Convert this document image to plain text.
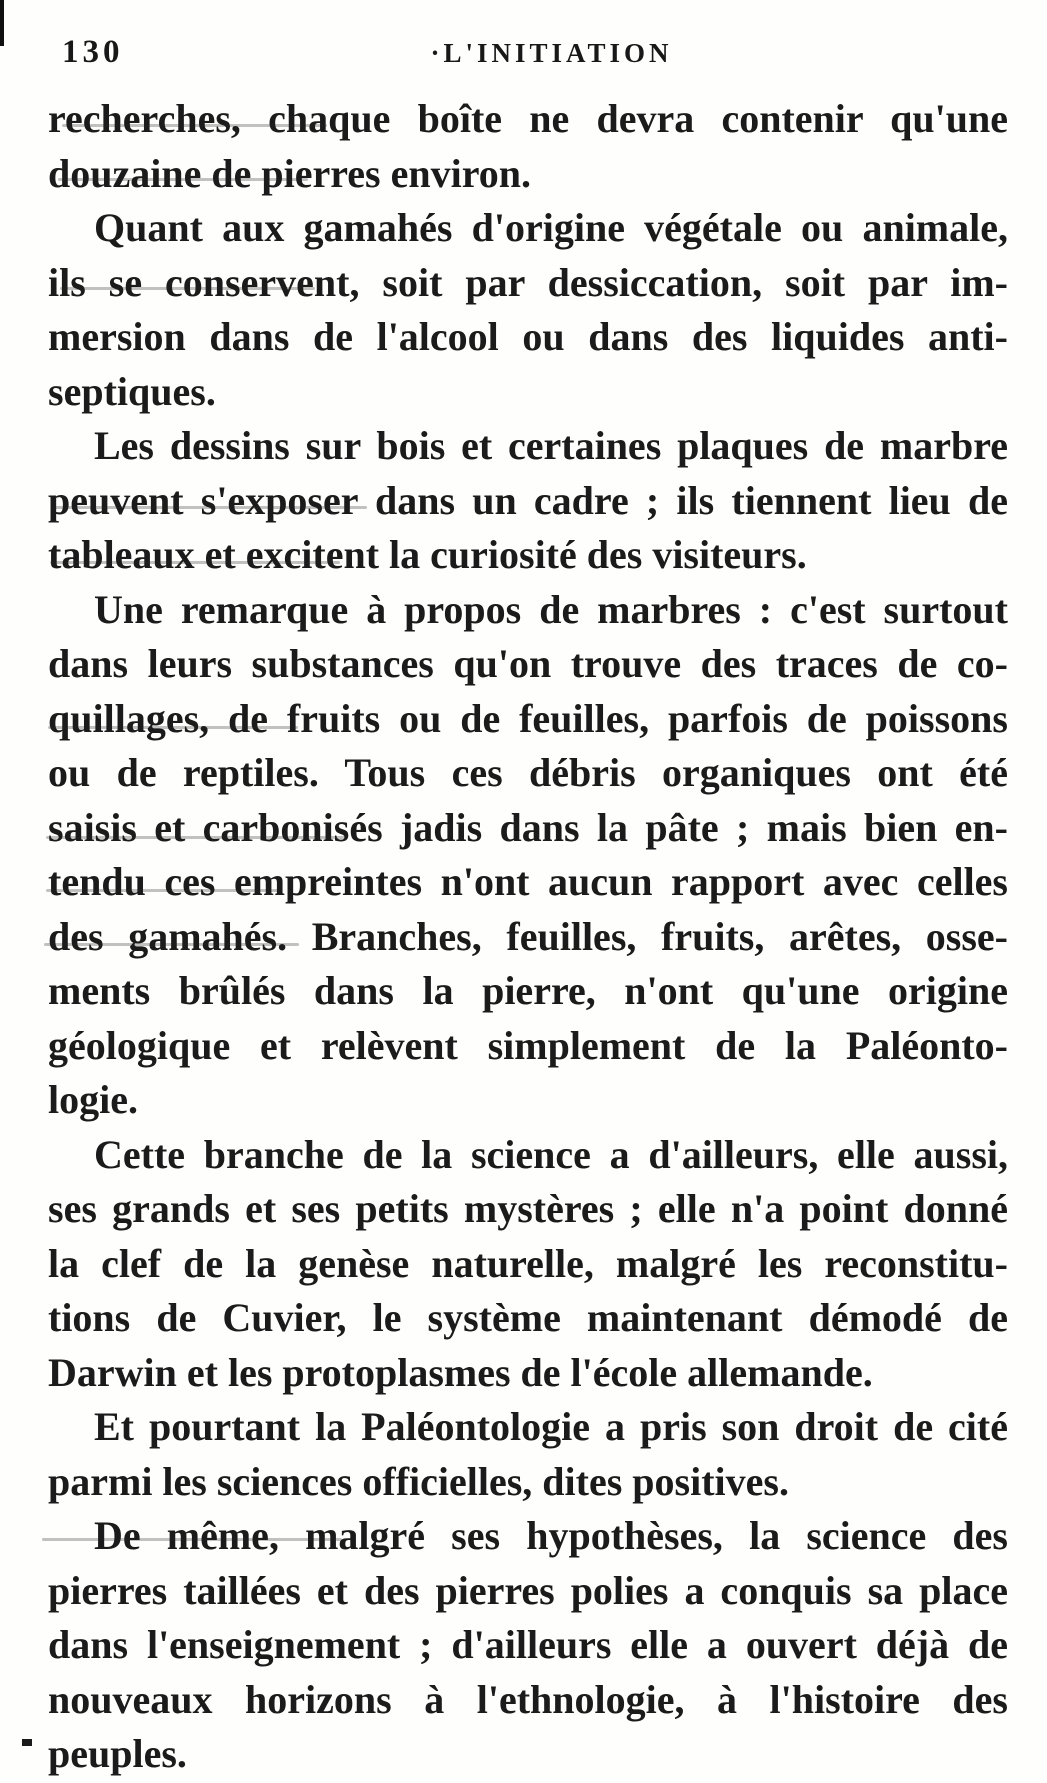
130	·L'INITIATION
recherches, chaque boîte ne devra contenir qu'une
douzaine de pierres environ.
Quant aux gamahés d'origine végétale ou animale,
ils se conservent, soit par dessiccation, soit par im-
mersion dans de l'alcool ou dans des liquides anti-
septiques.
Les dessins sur bois et certaines plaques de marbre
peuvent s'exposer dans un cadre ; ils tiennent lieu de
tableaux et excitent la curiosité des visiteurs.
Une remarque à propos de marbres : c'est surtout
dans leurs substances qu'on trouve des traces de co-
quillages, de fruits ou de feuilles, parfois de poissons
ou de reptiles. Tous ces débris organiques ont été
saisis et carbonisés jadis dans la pâte ; mais bien en-
tendu ces empreintes n'ont aucun rapport avec celles
des gamahés. Branches, feuilles, fruits, arêtes, osse-
ments brûlés dans la pierre, n'ont qu'une origine
géologique et relèvent simplement de la Paléonto-
logie.
Cette branche de la science a d'ailleurs, elle aussi,
ses grands et ses petits mystères ; elle n'a point donné
la clef de la genèse naturelle, malgré les reconstitu-
tions de Cuvier, le système maintenant démodé de
Darwin et les protoplasmes de l'école allemande.
Et pourtant la Paléontologie a pris son droit de cité
parmi les sciences officielles, dites positives.
De même, malgré ses hypothèses, la science des
pierres taillées et des pierres polies a conquis sa place
dans l'enseignement ; d'ailleurs elle a ouvert déjà de
nouveaux horizons à l'ethnologie, à l'histoire des
peuples.
